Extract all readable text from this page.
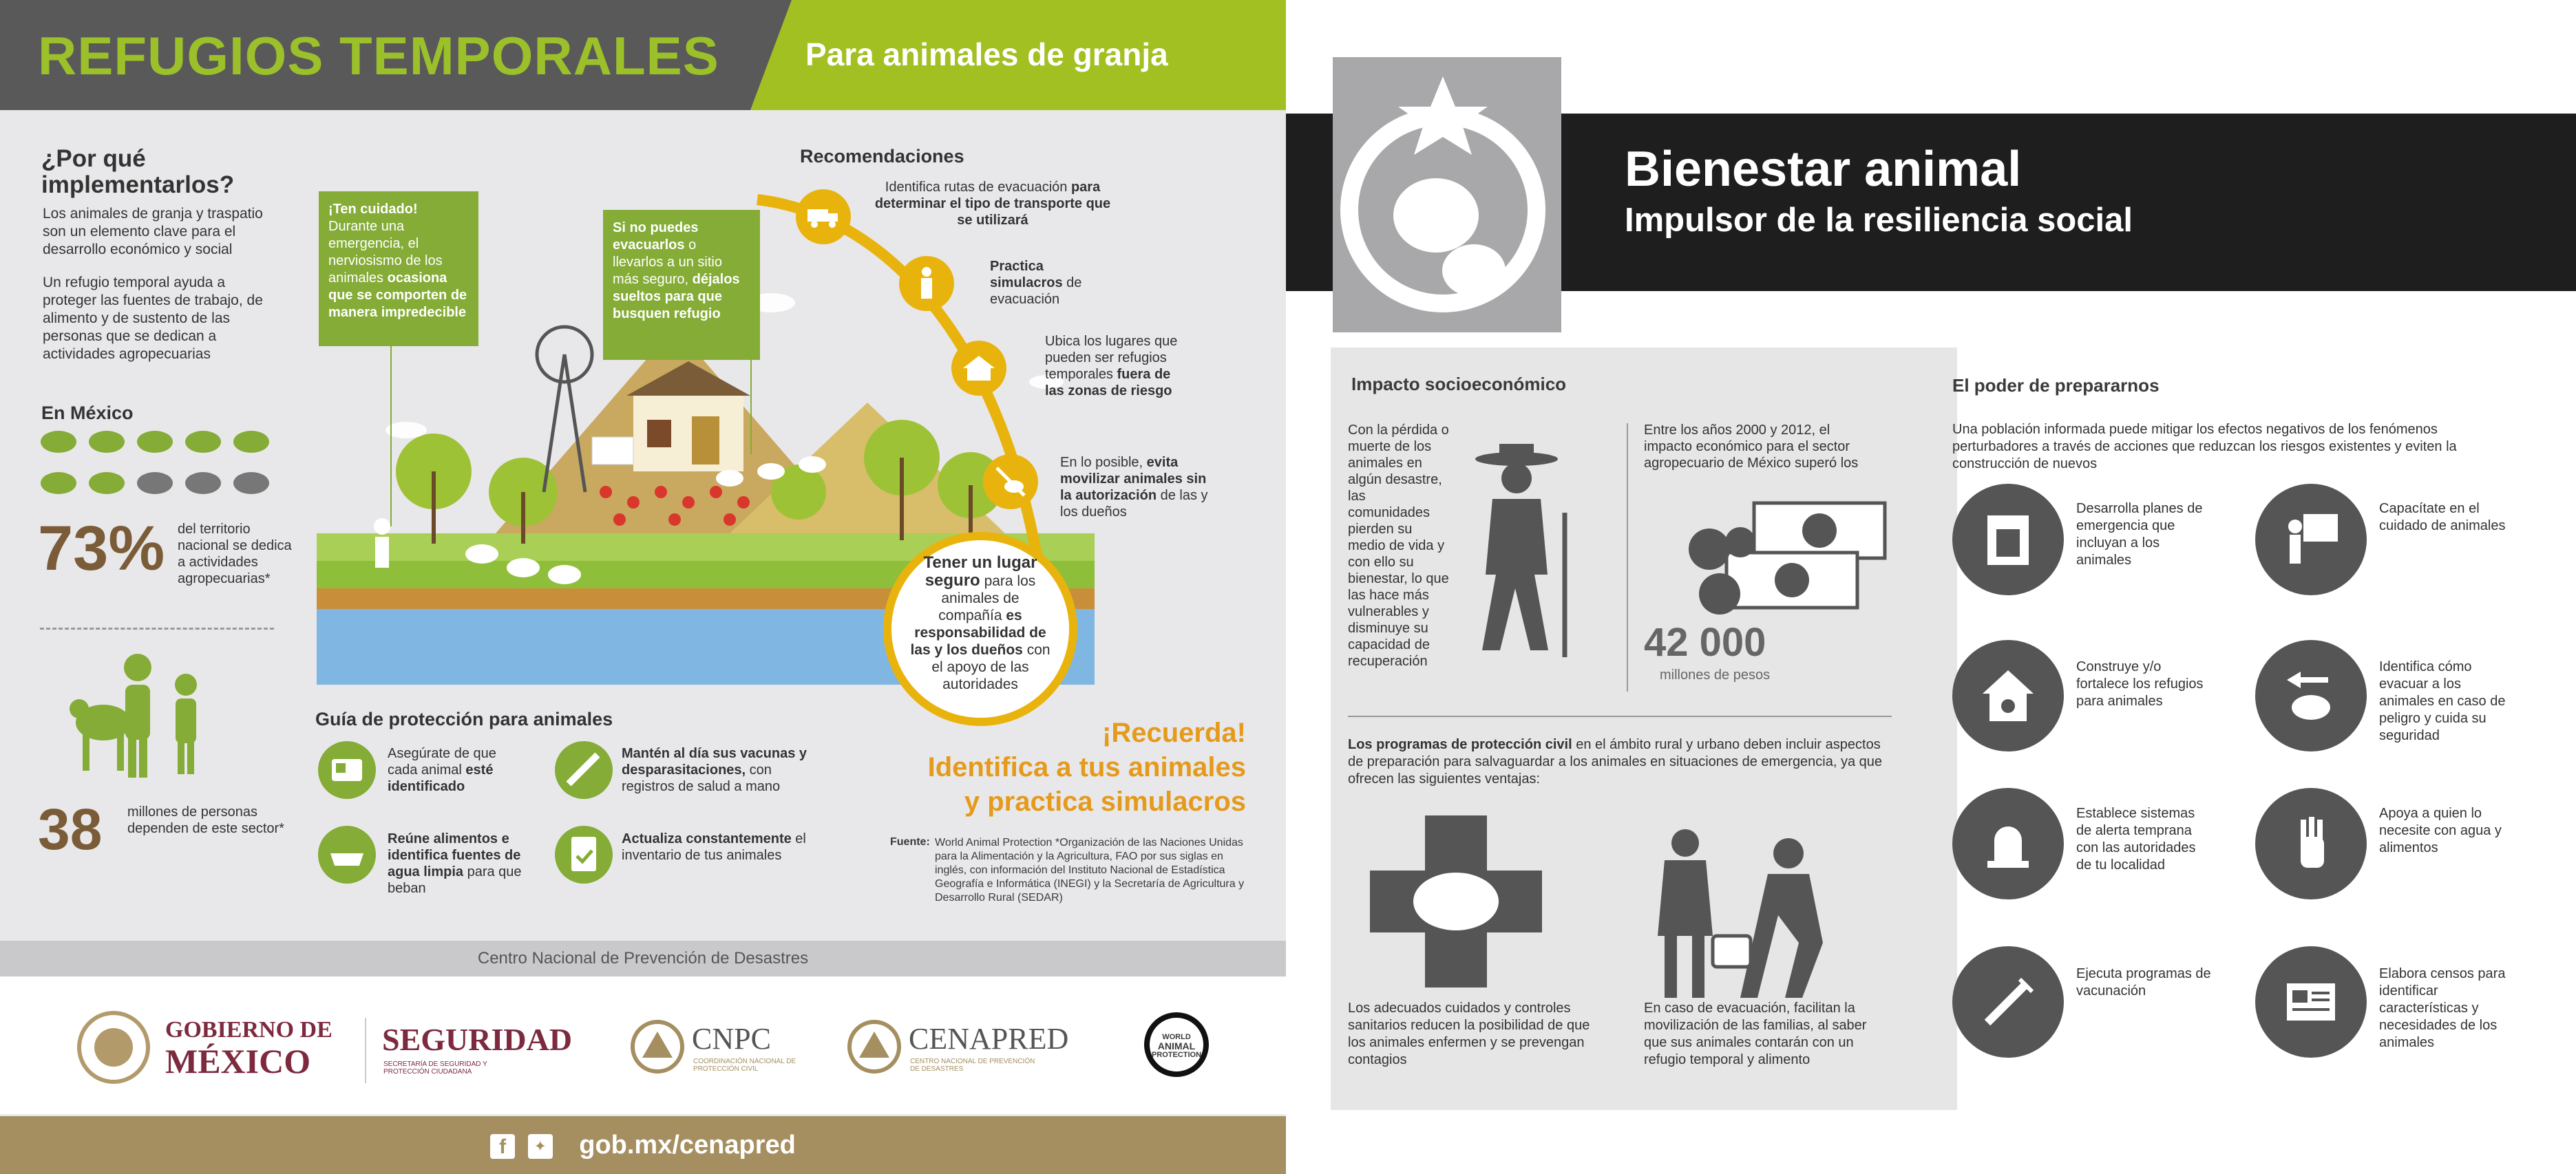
REFUGIOS TEMPORALES	Para animales de granja
¿Por qué implementarlos?
Los animales de granja y traspatio son un elemento clave para el desarrollo económico y social
Un refugio temporal ayuda a proteger las fuentes de trabajo, de alimento y de sustento de las personas que se dedican a actividades agropecuarias
En México
73% del territorio nacional se dedica a actividades agropecuarias*
38 millones de personas dependen de este sector*
¡Ten cuidado!
Durante una emergencia, el nerviosismo de los animales ocasiona que se comporten de manera impredecible
Si no puedes evacuarlos o llevarlos a un sitio más seguro, déjalos sueltos para que busquen refugio
Recomendaciones
Identifica rutas de evacuación para determinar el tipo de transporte que se utilizará
Practica simulacros de evacuación
Ubica los lugares que pueden ser refugios temporales fuera de las zonas de riesgo
En lo posible, evita movilizar animales sin la autorización de las y los dueños
Tener un lugar seguro para los animales de compañía es responsabilidad de las y los dueños con el apoyo de las autoridades
Guía de protección para animales
Asegúrate de que cada animal esté identificado
Mantén al día sus vacunas y desparasitaciones, con registros de salud a mano
Reúne alimentos e identifica fuentes de agua limpia para que beban
Actualiza constantemente el inventario de tus animales
¡Recuerda!
Identifica a tus animales
y practica simulacros
Fuente: World Animal Protection *Organización de las Naciones Unidas para la Alimentación y la Agricultura, FAO por sus siglas en inglés, con información del Instituto Nacional de Estadística Geografía e Informática (INEGI) y la Secretaría de Agricultura y Desarrollo Rural (SEDAR)
Centro Nacional de Prevención de Desastres
GOBIERNO DE
MÉXICO
SEGURIDAD
SECRETARÍA DE SEGURIDAD Y PROTECCIÓN CIUDADANA
CNPC
COORDINACIÓN NACIONAL DE PROTECCIÓN CIVIL
CENAPRED
CENTRO NACIONAL DE PREVENCIÓN DE DESASTRES
WORLD
ANIMAL
PROTECTION
f ✦ gob.mx/cenapred
Bienestar animal
Impulsor de la resiliencia social
Impacto socioeconómico
Con la pérdida o muerte de los animales en algún desastre, las comunidades pierden su medio de vida y con ello su bienestar, lo que las hace más vulnerables y disminuye su capacidad de recuperación
Entre los años 2000 y 2012, el impacto económico para el sector agropecuario de México superó los
42 000
millones de pesos
Los programas de protección civil en el ámbito rural y urbano deben incluir aspectos de preparación para salvaguardar a los animales en situaciones de emergencia, ya que ofrecen las siguientes ventajas:
Los adecuados cuidados y controles sanitarios reducen la posibilidad de que los animales enfermen y se prevengan contagios
En caso de evacuación, facilitan la movilización de las familias, al saber que sus animales contarán con un refugio temporal y alimento
El poder de prepararnos
Una población informada puede mitigar los efectos negativos de los fenómenos perturbadores a través de acciones que reduzcan los riesgos existentes y eviten la construcción de nuevos
Desarrolla planes de emergencia que incluyan a los animales
Capacítate en el cuidado de animales
Construye y/o fortalece los refugios para animales
Identifica cómo evacuar a los animales en caso de peligro y cuida su seguridad
Establece sistemas de alerta temprana con las autoridades de tu localidad
Apoya a quien lo necesite con agua y alimentos
Ejecuta programas de vacunación
Elabora censos para identificar características y necesidades de los animales
